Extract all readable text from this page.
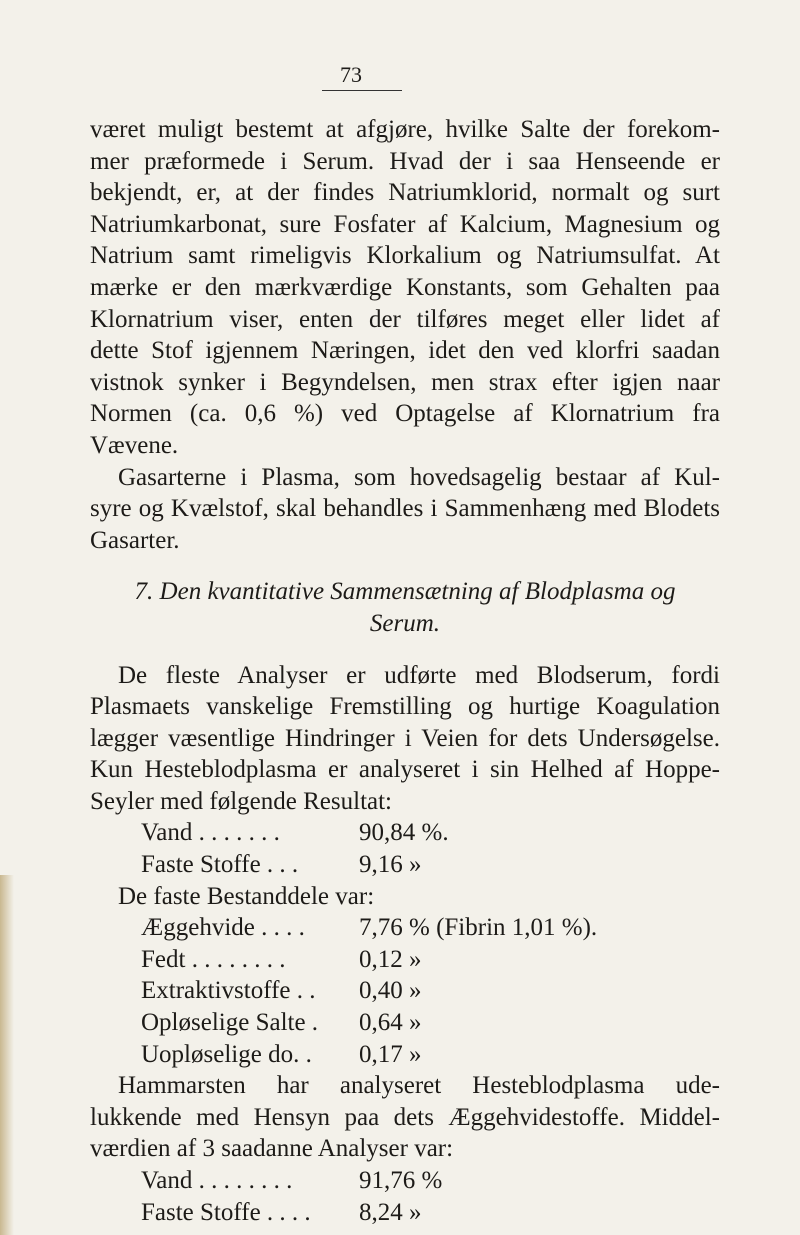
73
været muligt bestemt at afgjøre, hvilke Salte der forekom-
mer præformede i Serum. Hvad der i saa Henseende er
bekjendt, er, at der findes Natriumklorid, normalt og surt
Natriumkarbonat, sure Fosfater af Kalcium, Magnesium og
Natrium samt rimeligvis Klorkalium og Natriumsulfat. At
mærke er den mærkværdige Konstants, som Gehalten paa
Klornatrium viser, enten der tilføres meget eller lidet af
dette Stof igjennem Næringen, idet den ved klorfri saadan
vistnok synker i Begyndelsen, men strax efter igjen naar
Normen (ca. 0,6 %) ved Optagelse af Klornatrium fra
Vævene.
Gasarterne i Plasma, som hovedsagelig bestaar af Kul-
syre og Kvælstof, skal behandles i Sammenhæng med Blodets
Gasarter.
7. Den kvantitative Sammensætning af Blodplasma og
Serum.
De fleste Analyser er udførte med Blodserum, fordi
Plasmaets vanskelige Fremstilling og hurtige Koagulation
lægger væsentlige Hindringer i Veien for dets Undersøgelse.
Kun Hesteblodplasma er analyseret i sin Helhed af Hoppe-
Seyler med følgende Resultat:
Vand . . . . . . .	90,84 %.
Faste Stoffe . . .	9,16 »
De faste Bestanddele var:
Æggehvide . . . .	7,76 % (Fibrin 1,01 %).
Fedt . . . . . . . .	0,12 »
Extraktivstoffe . .	0,40 »
Opløselige Salte .	0,64 »
Uopløselige do. .	0,17 »
Hammarsten har analyseret Hesteblodplasma ude-
lukkende med Hensyn paa dets Æggehvidestoffe. Middel-
værdien af 3 saadanne Analyser var:
Vand . . . . . . . .	91,76 %
Faste Stoffe . . . .	8,24 »
